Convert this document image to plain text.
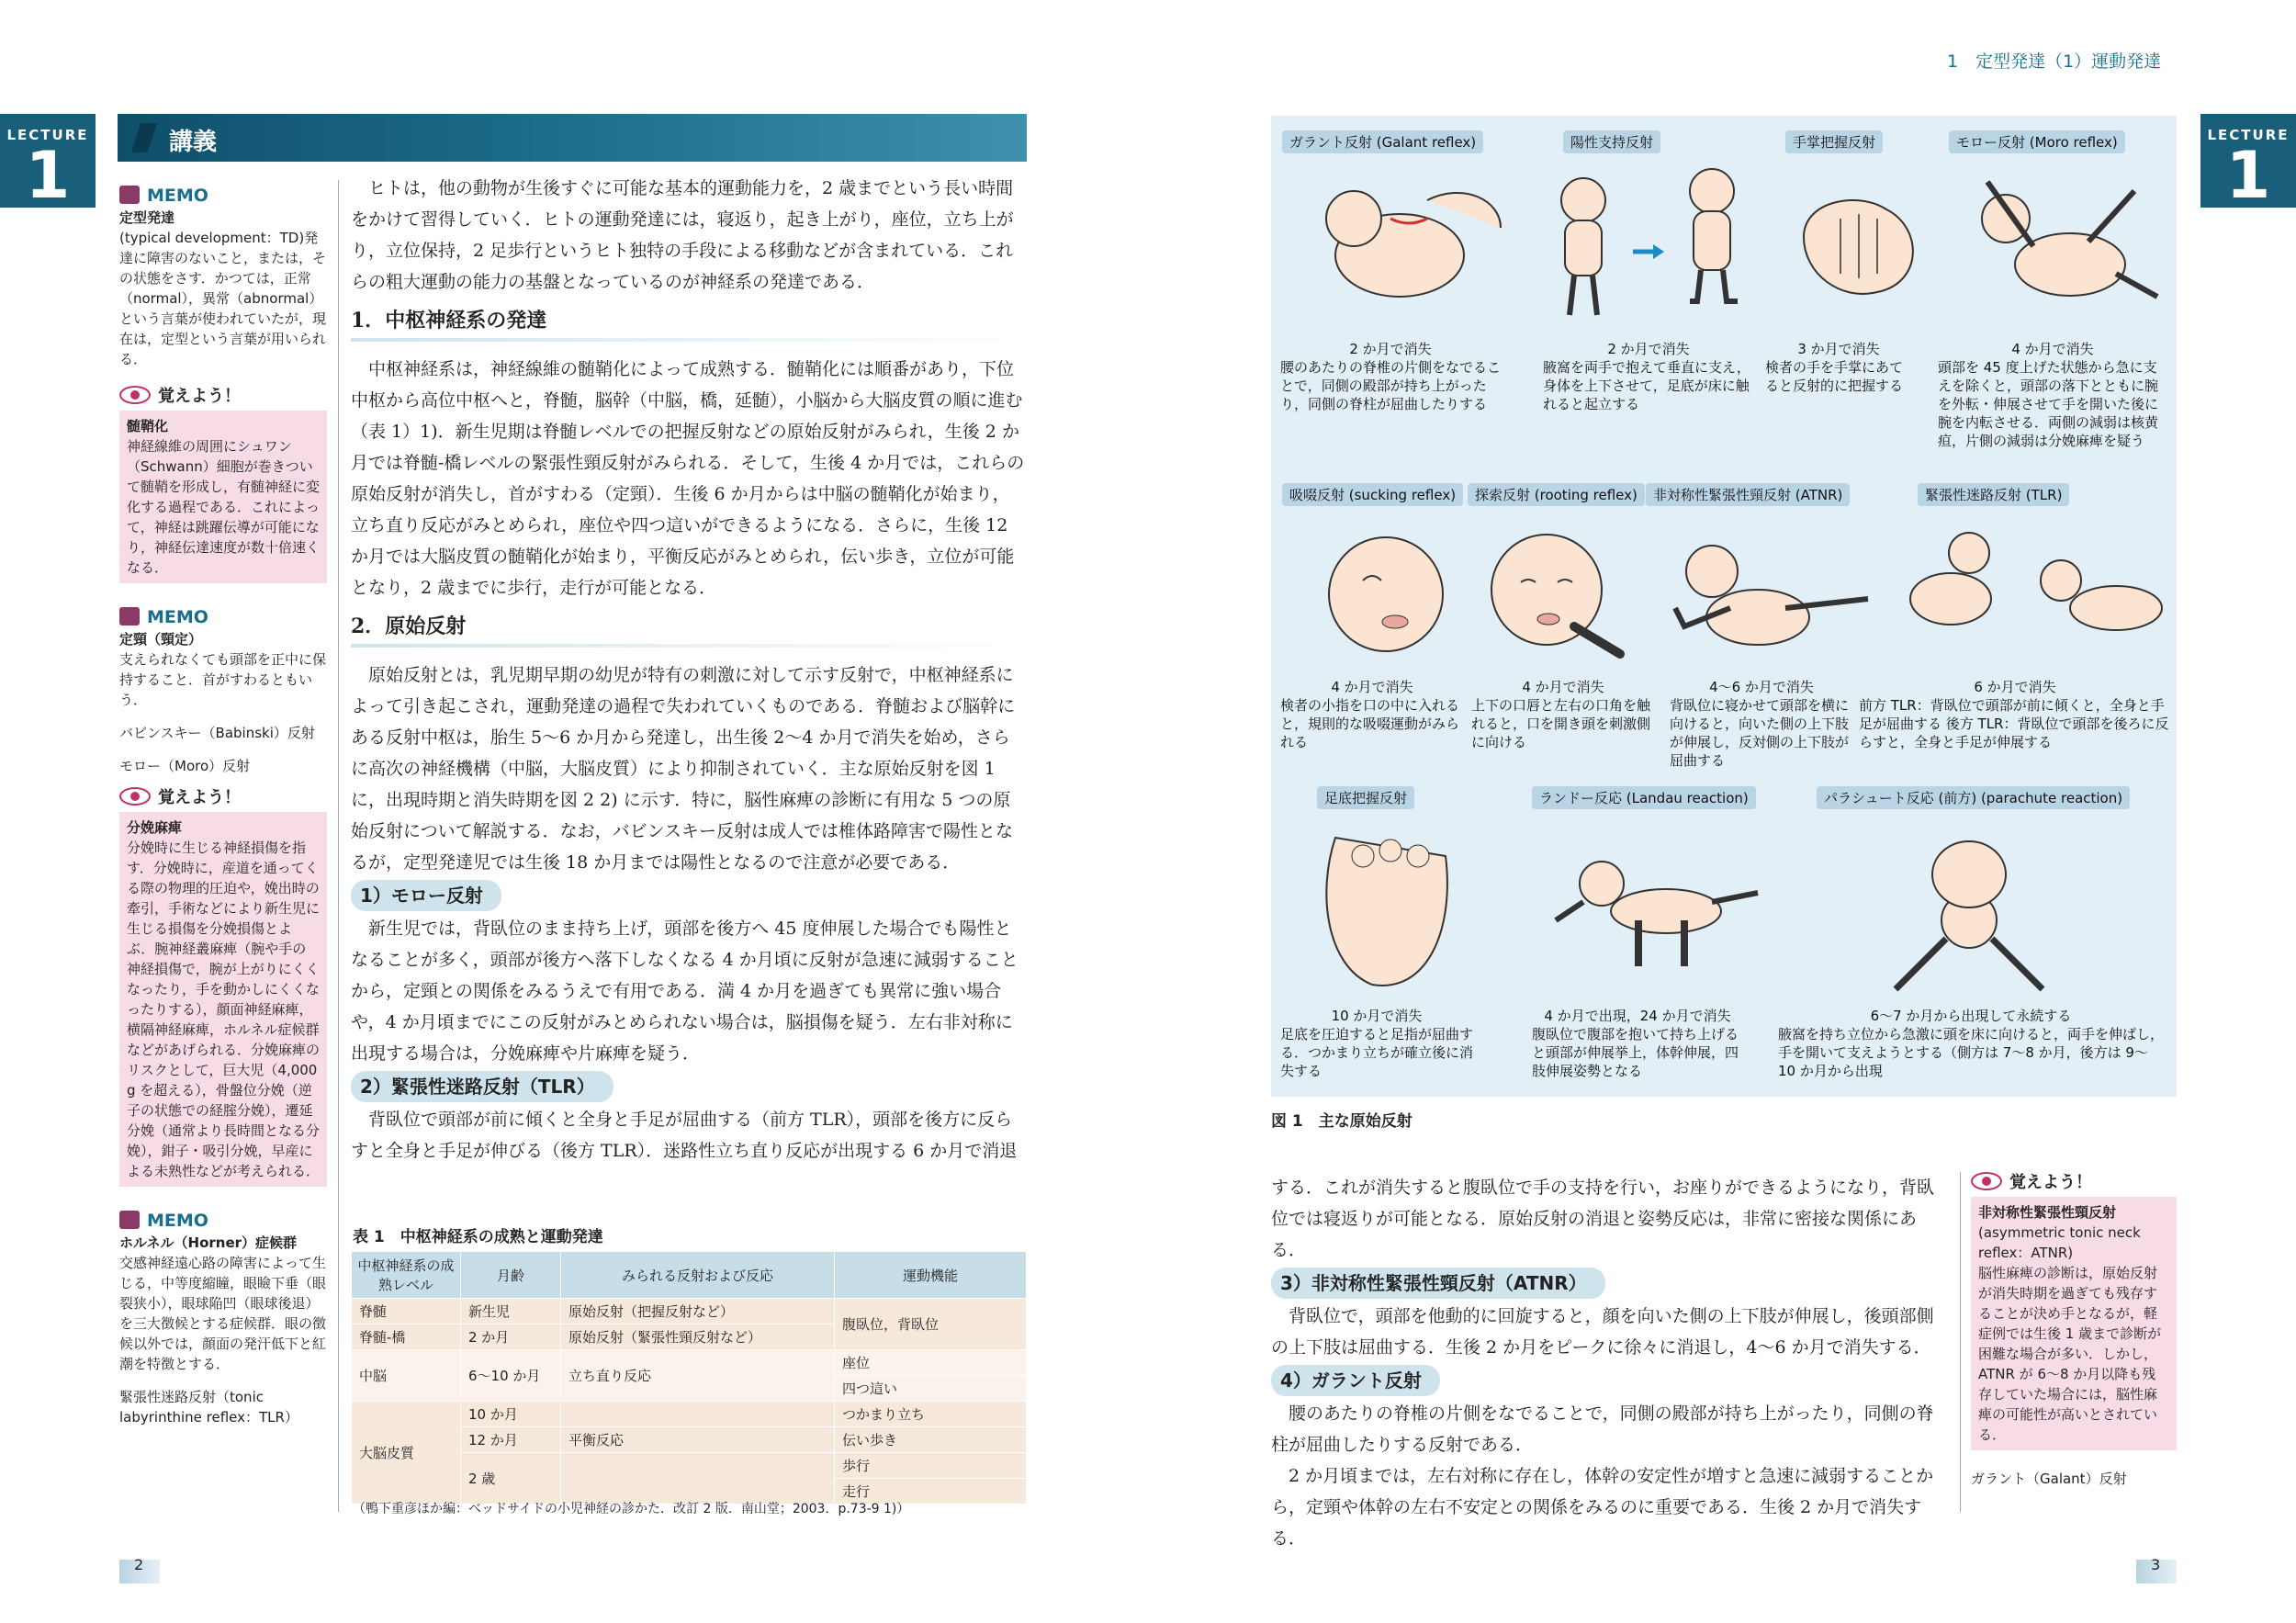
LECTURE
1	講義
MEMO
定型発達
(typical development：TD)発達に障害のないこと，または，その状態をさす．かつては，正常（normal），異常（abnormal）という言葉が使われていたが，現在は，定型という言葉が用いられる．
覚えよう！
髄鞘化
神経線維の周囲にシュワン（Schwann）細胞が巻きついて髄鞘を形成し，有髄神経に変化する過程である．これによって，神経は跳躍伝導が可能になり，神経伝達速度が数十倍速くなる．
MEMO
定頸（頸定）
支えられなくても頭部を正中に保持すること．首がすわるともいう．
バビンスキー（Babinski）反射
モロー（Moro）反射
覚えよう！
分娩麻痺
分娩時に生じる神経損傷を指す．分娩時に，産道を通ってくる際の物理的圧迫や，娩出時の牽引，手術などにより新生児に生じる損傷を分娩損傷とよぶ．腕神経叢麻痺（腕や手の神経損傷で，腕が上がりにくくなったり，手を動かしにくくなったりする），顔面神経麻痺，横隔神経麻痺，ホルネル症候群などがあげられる．分娩麻痺のリスクとして，巨大児（4,000 g を超える），骨盤位分娩（逆子の状態での経腟分娩），遷延分娩（通常より長時間となる分娩），鉗子・吸引分娩，早産による未熟性などが考えられる．
MEMO
ホルネル（Horner）症候群
交感神経遠心路の障害によって生じる，中等度縮瞳，眼瞼下垂（眼裂狭小），眼球陥凹（眼球後退）を三大徴候とする症候群．眼の徴候以外では，顔面の発汗低下と紅潮を特徴とする．
緊張性迷路反射（tonic labyrinthine reflex：TLR）

ヒトは，他の動物が生後すぐに可能な基本的運動能力を，2 歳までという長い時間をかけて習得していく．ヒトの運動発達には，寝返り，起き上がり，座位，立ち上がり，立位保持，2 足歩行というヒト独特の手段による移動などが含まれている．これらの粗大運動の能力の基盤となっているのが神経系の発達である．

1．中枢神経系の発達

中枢神経系は，神経線維の髄鞘化によって成熟する．髄鞘化には順番があり，下位中枢から高位中枢へと，脊髄，脳幹（中脳，橋，延髄），小脳から大脳皮質の順に進む（表 1）1)．新生児期は脊髄レベルでの把握反射などの原始反射がみられ，生後 2 か月では脊髄-橋レベルの緊張性頸反射がみられる．そして，生後 4 か月では，これらの原始反射が消失し，首がすわる（定頸）．生後 6 か月からは中脳の髄鞘化が始まり，立ち直り反応がみとめられ，座位や四つ這いができるようになる．さらに，生後 12 か月では大脳皮質の髄鞘化が始まり，平衡反応がみとめられ，伝い歩き，立位が可能となり，2 歳までに歩行，走行が可能となる．

2．原始反射

原始反射とは，乳児期早期の幼児が特有の刺激に対して示す反射で，中枢神経系によって引き起こされ，運動発達の過程で失われていくものである．脊髄および脳幹にある反射中枢は，胎生 5～6 か月から発達し，出生後 2～4 か月で消失を始め，さらに高次の神経機構（中脳，大脳皮質）により抑制されていく．主な原始反射を図 1 に，出現時期と消失時期を図 2 2) に示す．特に，脳性麻痺の診断に有用な 5 つの原始反射について解説する．なお，バビンスキー反射は成人では椎体路障害で陽性となるが，定型発達児では生後 18 か月までは陽性となるので注意が必要である．

1）モロー反射

新生児では，背臥位のまま持ち上げ，頭部を後方へ 45 度伸展した場合でも陽性となることが多く，頭部が後方へ落下しなくなる 4 か月頃に反射が急速に減弱することから，定頸との関係をみるうえで有用である．満 4 か月を過ぎても異常に強い場合や，4 か月頃までにこの反射がみとめられない場合は，脳損傷を疑う．左右非対称に出現する場合は，分娩麻痺や片麻痺を疑う．

2）緊張性迷路反射（TLR）

背臥位で頭部が前に傾くと全身と手足が屈曲する（前方 TLR），頭部を後方に反らすと全身と手足が伸びる（後方 TLR）．迷路性立ち直り反応が出現する 6 か月で消退

表 1　中枢神経系の成熟と運動発達
中枢神経系の成熟レベル	月齢	みられる反射および反応	運動機能
脊髄	新生児	原始反射（把握反射など）	腹臥位，背臥位
脊髄-橋	2 か月	原始反射（緊張性頸反射など）	
中脳	6～10 か月	立ち直り反応	座位
			四つ這い
大脳皮質	10 か月		つかまり立ち
	12 か月	平衡反応	伝い歩き
	2 歳		歩行
			走行
（鴨下重彦ほか編：ベッドサイドの小児神経の診かた．改訂 2 版．南山堂；2003．p.73-9 1)）
2
1　定型発達（1）運動発達
LECTURE
1
ガラント反射 (Galant reflex)	陽性支持反射	手掌把握反射	モロー反射 (Moro reflex)
2 か月で消失
腰のあたりの脊椎の片側をなでることで，同側の殿部が持ち上がったり，同側の脊柱が屈曲したりする
2 か月で消失
腋窩を両手で抱えて垂直に支え，身体を上下させて，足底が床に触れると起立する
3 か月で消失
検者の手を手掌にあてると反射的に把握する
4 か月で消失
頭部を 45 度上げた状態から急に支えを除くと，頭部の落下とともに腕を外転・伸展させて手を開いた後に腕を内転させる．両側の減弱は核黄疸，片側の減弱は分娩麻痺を疑う
吸啜反射 (sucking reflex)	探索反射 (rooting reflex)	非対称性緊張性頸反射 (ATNR)	緊張性迷路反射 (TLR)
4 か月で消失
検者の小指を口の中に入れると，規則的な吸啜運動がみられる
4 か月で消失
上下の口唇と左右の口角を触れると，口を開き頭を刺激側に向ける
4～6 か月で消失
背臥位に寝かせて頭部を横に向けると，向いた側の上下肢が伸展し，反対側の上下肢が屈曲する
6 か月で消失
前方 TLR：背臥位で頭部が前に傾くと，全身と手足が屈曲する 後方 TLR：背臥位で頭部を後ろに反らすと，全身と手足が伸展する
足底把握反射	ランドー反応 (Landau reaction)	パラシュート反応 (前方) (parachute reaction)
10 か月で消失
足底を圧迫すると足指が屈曲する．つかまり立ちが確立後に消失する
4 か月で出現，24 か月で消失
腹臥位で腹部を抱いて持ち上げると頭部が伸展挙上，体幹伸展，四肢伸展姿勢となる
6～7 か月から出現して永続する
腋窩を持ち立位から急激に頭を床に向けると，両手を伸ばし，手を開いて支えようとする（側方は 7～8 か月，後方は 9～10 か月から出現
図 1　主な原始反射

する．これが消失すると腹臥位で手の支持を行い，お座りができるようになり，背臥位では寝返りが可能となる．原始反射の消退と姿勢反応は，非常に密接な関係にある．

3）非対称性緊張性頸反射（ATNR）

背臥位で，頭部を他動的に回旋すると，顔を向いた側の上下肢が伸展し，後頭部側の上下肢は屈曲する．生後 2 か月をピークに徐々に消退し，4～6 か月で消失する．

4）ガラント反射

腰のあたりの脊椎の片側をなでることで，同側の殿部が持ち上がったり，同側の脊柱が屈曲したりする反射である．

2 か月頃までは，左右対称に存在し，体幹の安定性が増すと急速に減弱することから，定頸や体幹の左右不安定との関係をみるのに重要である．生後 2 か月で消失する．

覚えよう！
非対称性緊張性頸反射
(asymmetric tonic neck reflex：ATNR)
脳性麻痺の診断は，原始反射が消失時期を過ぎても残存することが決め手となるが，軽症例では生後 1 歳まで診断が困難な場合が多い．しかし，ATNR が 6～8 か月以降も残存していた場合には，脳性麻痺の可能性が高いとされている．
ガラント（Galant）反射
3
